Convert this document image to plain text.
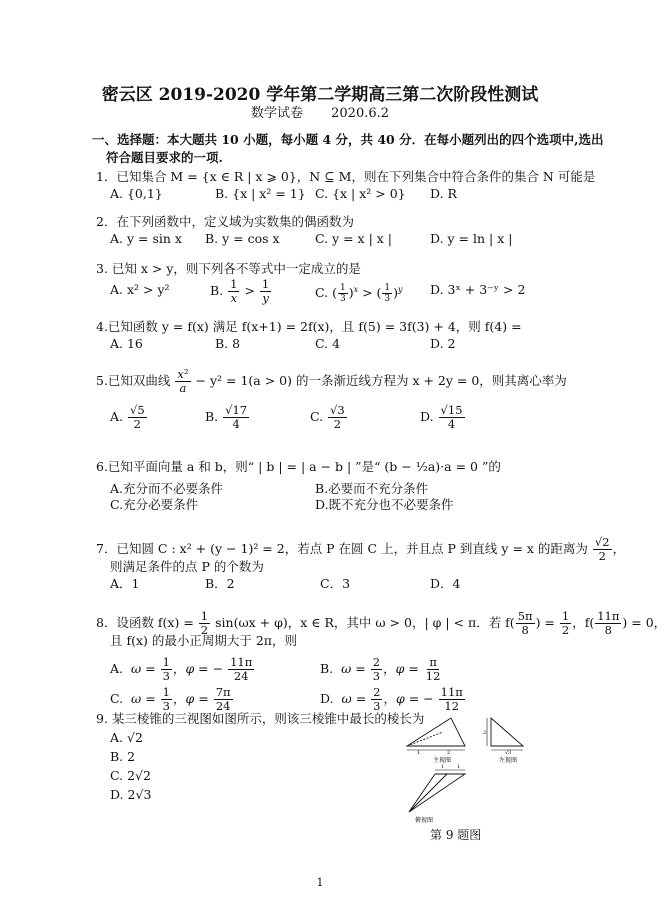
密云区 2019-2020 学年第二学期高三第二次阶段性测试
数学试卷 2020.6.2
一、选择题：本大题共 10 小题，每小题 4 分，共 40 分．在每小题列出的四个选项中,选出
符合题目要求的一项.
1．已知集合 M = {x ∈ R | x ⩾ 0}，N ⊆ M，则在下列集合中符合条件的集合 N 可能是
A. {0,1}	B. {x | x² = 1} C. {x | x² > 0} D. R
2．在下列函数中，定义域为实数集的偶函数为
A. y = sin x B. y = cos x	C. y = x | x |	D. y = ln | x |
3. 已知 x > y，则下列各不等式中一定成立的是
A. x² > y²	B. $\frac{1}{x} > \frac{1}{y}$	C. ( $\frac{1}{3} )^x$ > ( $\frac{1}{3} )^y$ D. 3ˣ + 3⁻ʸ > 2
4.已知函数 y = f(x) 满足 f(x+1) = 2f(x)，且 f(5) = 3f(3) + 4，则 f(4) =
A. 16	B. 8	C. 4	D. 2
5.已知双曲线 $\frac{\text{x²}}{a} - y^2 = 1(a > 0)$ 的一条渐近线方程为 x + 2y = 0，则其离心率为
A. $\frac{√5}{2}$	B. $\frac{√17}{4}$	C. $\frac{√3}{2}$	D. $\frac{√15}{4}$
6.已知平面向量 a 和 b，则“ | b | = | a − b | ”是“ (b − ½a)·a = 0 ”的
A.充分而不必要条件	B.必要而不充分条件
C.充分必要条件	D.既不充分也不必要条件
7．已知圆 C : x² + (y − 1)² = 2，若点 P 在圆 C 上，并且点 P 到直线 y = x 的距离为 $\frac{√2}{2}$ ，
则满足条件的点 P 的个数为
A．1	B．2	C．3	D．4
8．设函数 $f(x) = \frac{1}{2} \sin(\omega x + \varphi)$，x ∈ R，其中 ω > 0，| φ | < π．若 $f( \frac{5\pi}{8}$ ) = $\frac{1}{2}$ ，$f( \frac{11\pi}{8}$ ) = 0，
且 f(x) 的最小正周期大于 2π，则
A. $\omega = \frac{1}{3}$ ，φ = − $\frac{11\pi}{24}$	B. $\omega = \frac{2}{3}$ ，$\varphi = \frac{\pi}{12}$
C. $\omega = \frac{1}{3}$ ，$\varphi = \frac{7\pi}{24}$	D. $\omega = \frac{2}{3}$ ，φ = − $\frac{11\pi}{12}$
9. 某三棱锥的三视图如图所示，则该三棱锥中最长的棱长为
A. √2
B. 2
C. 2√2
D. 2√3
1	2
主视图
2
√3
左视图
1	1
俯视图
第 9 题图
1
